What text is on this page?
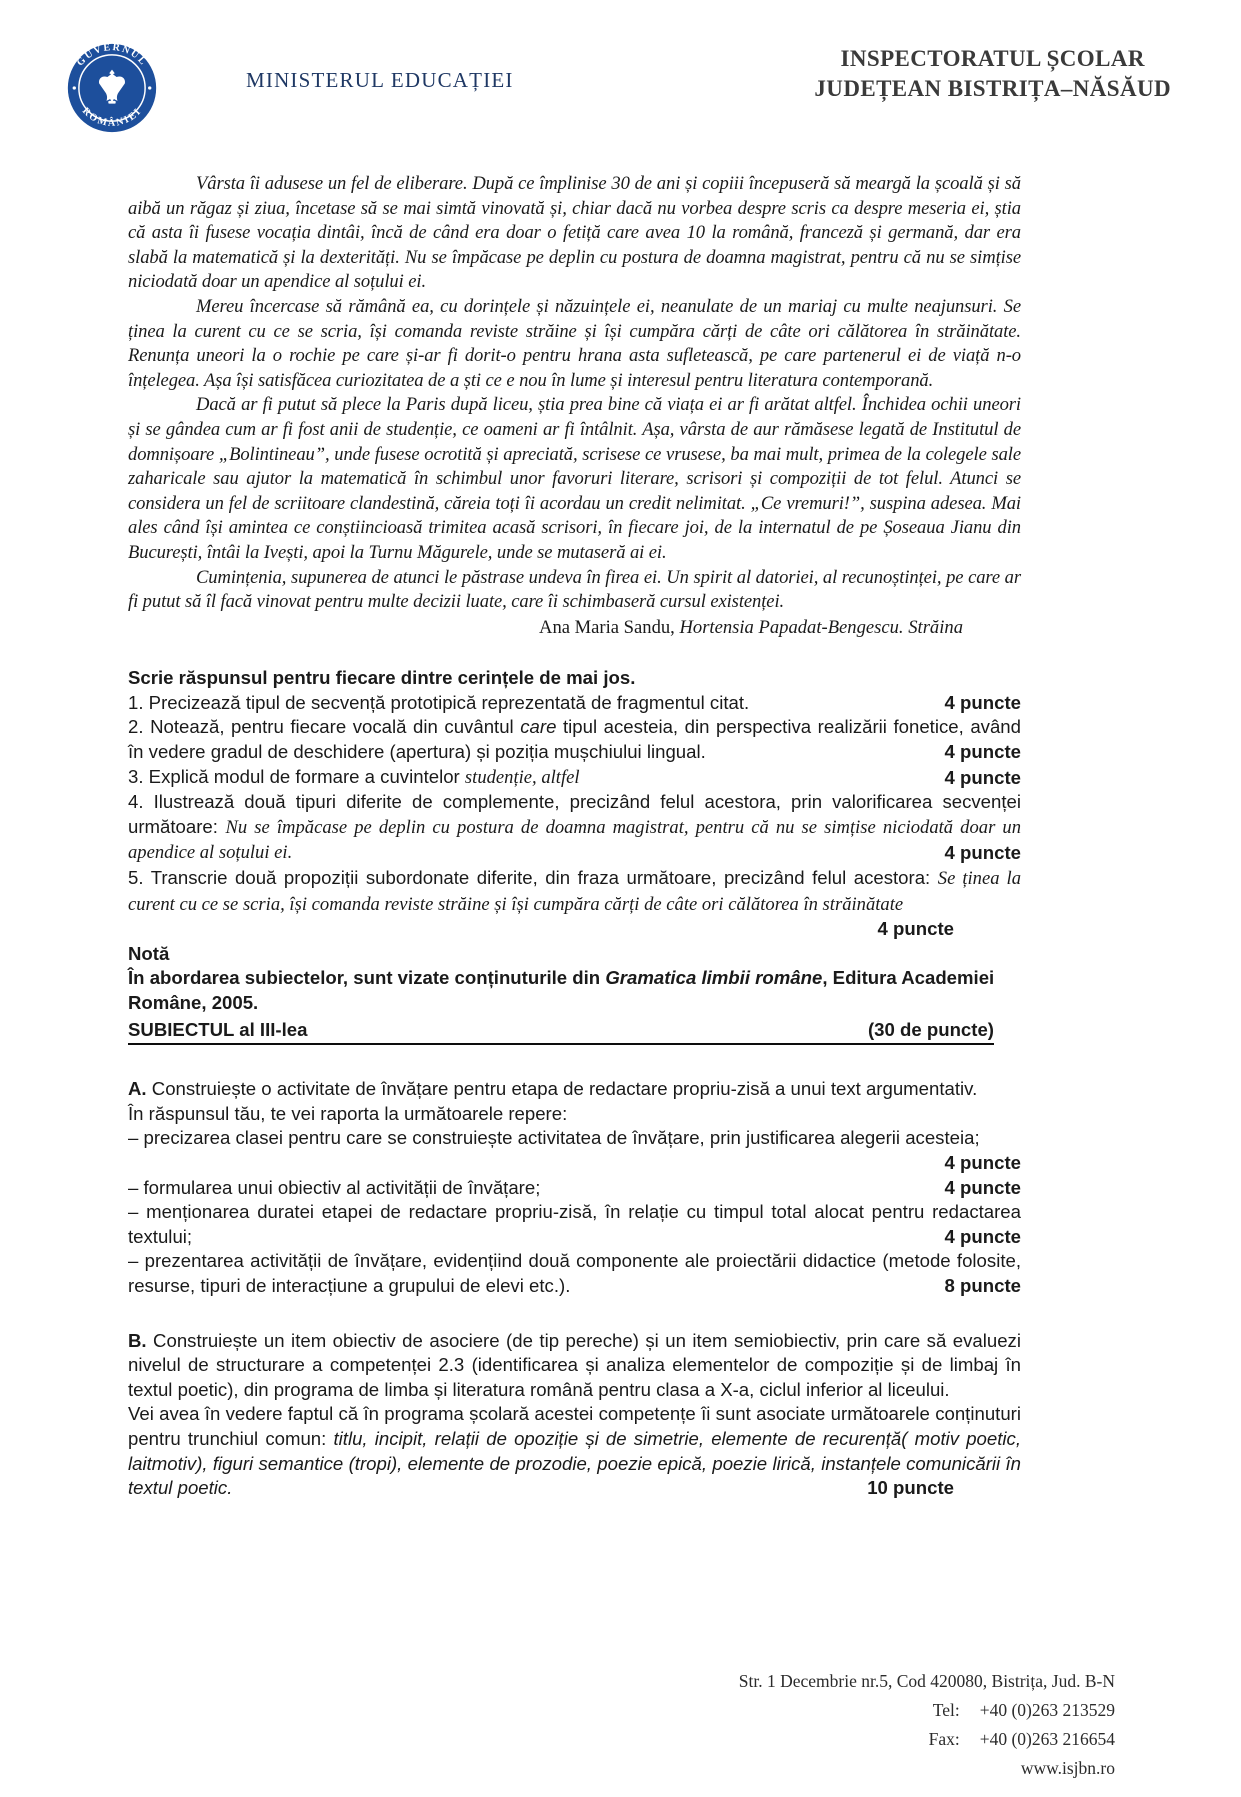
GUVERNUL
ROMÂNIEI
MINISTERUL EDUCAȚIEI
INSPECTORATUL ȘCOLAR
JUDEȚEAN BISTRIȚA–NĂSĂUD

Vârsta îi adusese un fel de eliberare. După ce împlinise 30 de ani și copiii începuseră să meargă la școală și să aibă un răgaz și ziua, încetase să se mai simtă vinovată și, chiar dacă nu vorbea despre scris ca despre meseria ei, știa că asta îi fusese vocația dintâi, încă de când era doar o fetiță care avea 10 la română, franceză și germană, dar era slabă la matematică și la dexterități. Nu se împăcase pe deplin cu postura de doamna magistrat, pentru că nu se simțise niciodată doar un apendice al soțului ei.

Mereu încercase să rămână ea, cu dorințele și năzuințele ei, neanulate de un mariaj cu multe neajunsuri. Se ținea la curent cu ce se scria, își comanda reviste străine și își cumpăra cărți de câte ori călătorea în străinătate. Renunța uneori la o rochie pe care și-ar fi dorit-o pentru hrana asta sufletească, pe care partenerul ei de viață n-o înțelegea. Așa își satisfăcea curiozitatea de a ști ce e nou în lume și interesul pentru literatura contemporană.

Dacă ar fi putut să plece la Paris după liceu, știa prea bine că viața ei ar fi arătat altfel. Închidea ochii uneori și se gândea cum ar fi fost anii de studenție, ce oameni ar fi întâlnit. Așa, vârsta de aur rămăsese legată de Institutul de domnișoare „Bolintineau”, unde fusese ocrotită și apreciată, scrisese ce vrusese, ba mai mult, primea de la colegele sale zaharicale sau ajutor la matematică în schimbul unor favoruri literare, scrisori și compoziții de tot felul. Atunci se considera un fel de scriitoare clandestină, căreia toți îi acordau un credit nelimitat. „Ce vremuri!”, suspina adesea. Mai ales când își amintea ce conștiincioasă trimitea acasă scrisori, în fiecare joi, de la internatul de pe Șoseaua Jianu din București, întâi la Ivești, apoi la Turnu Măgurele, unde se mutaseră ai ei.

Cumințenia, supunerea de atunci le păstrase undeva în firea ei. Un spirit al datoriei, al recunoștinței, pe care ar fi putut să îl facă vinovat pentru multe decizii luate, care îi schimbaseră cursul existenței.

Ana Maria Sandu, Hortensia Papadat-Bengescu. Străina
Scrie răspunsul pentru fiecare dintre cerințele de mai jos.
1. Precizează tipul de secvență prototipică reprezentată de fragmentul citat.	4 puncte
2. Notează, pentru fiecare vocală din cuvântul care tipul acesteia, din perspectiva realizării fonetice, având în vedere gradul de deschidere (apertura) și poziția mușchiului lingual.	4 puncte
3. Explică modul de formare a cuvintelor studenție, altfel	4 puncte
4. Ilustrează două tipuri diferite de complemente, precizând felul acestora, prin valorificarea secvenței următoare: Nu se împăcase pe deplin cu postura de doamna magistrat, pentru că nu se simțise niciodată doar un apendice al soțului ei.	4 puncte
5. Transcrie două propoziții subordonate diferite, din fraza următoare, precizând felul acestora: Se ținea la curent cu ce se scria, își comanda reviste străine și își cumpăra cărți de câte ori călătorea în străinătate
4 puncte
Notă
În abordarea subiectelor, sunt vizate conținuturile din Gramatica limbii române, Editura Academiei Române, 2005.
SUBIECTUL al III-lea	(30 de puncte)
A. Construiește o activitate de învățare pentru etapa de redactare propriu-zisă a unui text argumentativ.
În răspunsul tău, te vei raporta la următoarele repere:
– precizarea clasei pentru care se construiește activitatea de învățare, prin justificarea alegerii acesteia;
4 puncte
– formularea unui obiectiv al activității de învățare;	4 puncte
– menționarea duratei etapei de redactare propriu-zisă, în relație cu timpul total alocat pentru redactarea textului;	4 puncte
– prezentarea activității de învățare, evidențiind două componente ale proiectării didactice (metode folosite, resurse, tipuri de interacțiune a grupului de elevi etc.).	8 puncte
B. Construiește un item obiectiv de asociere (de tip pereche) și un item semiobiectiv, prin care să evaluezi nivelul de structurare a competenței 2.3 (identificarea și analiza elementelor de compoziție și de limbaj în textul poetic), din programa de limba și literatura română pentru clasa a X-a, ciclul inferior al liceului.
Vei avea în vedere faptul că în programa școlară acestei competențe îi sunt asociate următoarele conținuturi pentru trunchiul comun: titlu, incipit, relații de opoziție și de simetrie, elemente de recurență( motiv poetic, laitmotiv), figuri semantice (tropi), elemente de prozodie, poezie epică, poezie lirică, instanțele comunicării în textul poetic.	10 puncte
Str. 1 Decembrie nr.5, Cod 420080, Bistrița, Jud. B-N
Tel: +40 (0)263 213529
Fax: +40 (0)263 216654
www.isjbn.ro
